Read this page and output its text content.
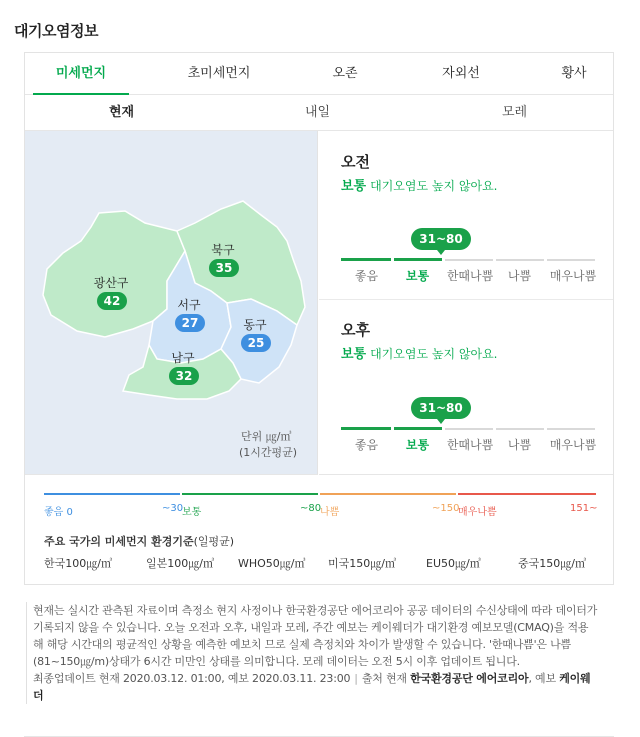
대기오염정보
미세먼지	초미세먼지	오존	자외선	황사
현재	내일	모레
북구
35
광산구
42	서구
27	동구
25
남구
32
단위 ㎍/㎥
(1시간평균)
오전
보통 대기오염도 높지 않아요.
31~80
좋음	보통	한때나쁨	나쁨	매우나쁨
오후
보통 대기오염도 높지 않아요.
31~80
좋음	보통	한때나쁨	나쁨	매우나쁨
좋음 0	~30
보통	~80
나쁨	~150
매우나쁨	151~
주요 국가의 미세먼지 환경기준(일평균)
한국100㎍/㎥	일본100㎍/㎥ WHO50㎍/㎥ 미국150㎍/㎥	EU50㎍/㎥	중국150㎍/㎥
현재는 실시간 관측된 자료이며 측정소 현지 사정이나 한국환경공단 에어코리아 공공 데이터의 수신상태에 따라 데이터가 기록되지 않을 수 있습니다. 오늘 오전과 오후, 내일과 모레, 주간 예보는 케이웨더가 대기환경 예보모델(CMAQ)을 적용해 해당 시간대의 평균적인 상황을 예측한 예보치 므로 실제 측정치와 차이가 발생할 수 있습니다. '한때나쁨'은 나쁨(81~150㎍/m)상태가 6시간 미만인 상태를 의미합니다. 모레 데이터는 오전 5시 이후 업데이트 됩니다.
최종업데이트 현재 2020.03.12. 01:00, 예보 2020.03.11. 23:00 | 출처 현재 한국환경공단 에어코리아, 예보 케이웨더
